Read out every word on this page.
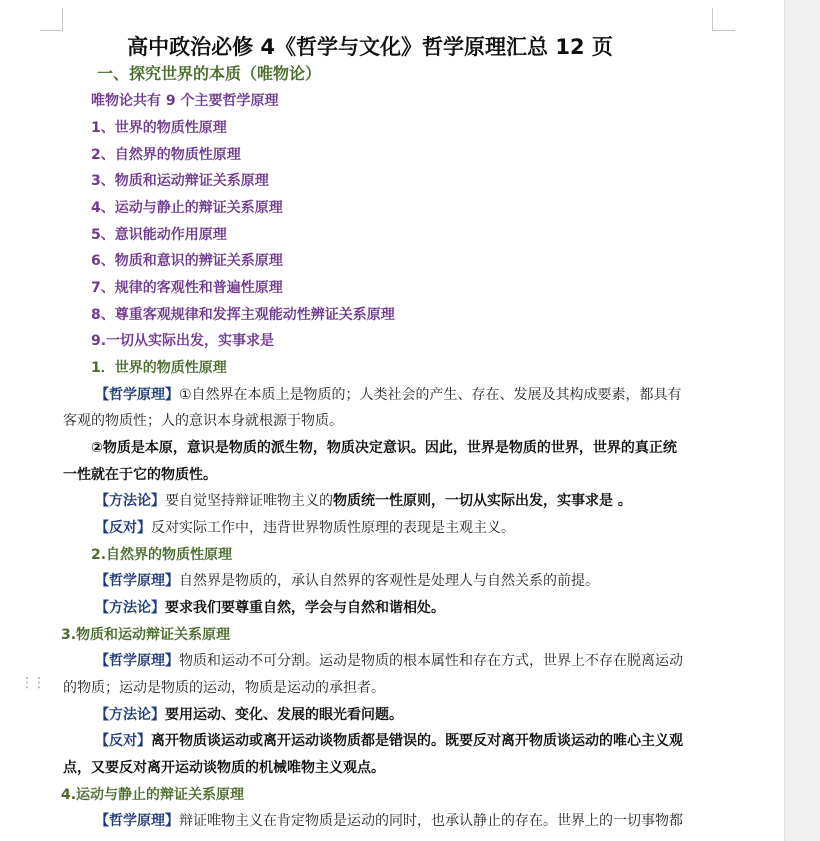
⋮⋮
高中政治必修 4《哲学与文化》哲学原理汇总 12 页
一、探究世界的本质（唯物论）
唯物论共有 9 个主要哲学原理
1、世界的物质性原理
2、自然界的物质性原理
3、物质和运动辩证关系原理
4、运动与静止的辩证关系原理
5、意识能动作用原理
6、物质和意识的辨证关系原理
7、规律的客观性和普遍性原理
8、尊重客观规律和发挥主观能动性辨证关系原理
9.一切从实际出发，实事求是
1．世界的物质性原理
【哲学原理】①自然界在本质上是物质的；人类社会的产生、存在、发展及其构成要素，都具有
客观的物质性；人的意识本身就根源于物质。
②物质是本原，意识是物质的派生物，物质决定意识。因此，世界是物质的世界，世界的真正统
一性就在于它的物质性。
【方法论】要自觉坚持辩证唯物主义的物质统一性原则，一切从实际出发，实事求是 。
【反对】反对实际工作中，违背世界物质性原理的表现是主观主义。
2.自然界的物质性原理
【哲学原理】自然界是物质的，承认自然界的客观性是处理人与自然关系的前提。
【方法论】要求我们要尊重自然，学会与自然和谐相处。
3.物质和运动辩证关系原理
【哲学原理】物质和运动不可分割。运动是物质的根本属性和存在方式，世界上不存在脱离运动
的物质；运动是物质的运动，物质是运动的承担者。
【方法论】要用运动、变化、发展的眼光看问题。
【反对】离开物质谈运动或离开运动谈物质都是错误的。既要反对离开物质谈运动的唯心主义观
点，又要反对离开运动谈物质的机械唯物主义观点。
4.运动与静止的辩证关系原理
【哲学原理】辩证唯物主义在肯定物质是运动的同时，也承认静止的存在。世界上的一切事物都
